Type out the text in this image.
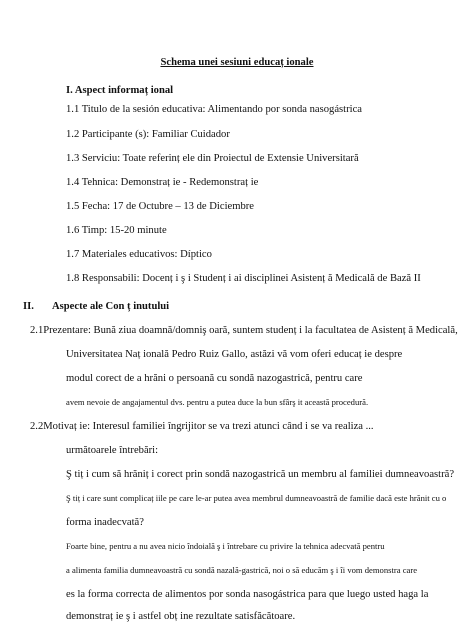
Schema unei sesiuni educaț ionale
I. Aspect informaț ional
1.1 Titulo de la sesión educativa: Alimentando por sonda nasogástrica
1.2 Participante (s): Familiar Cuidador
1.3 Serviciu: Toate referinț ele din Proiectul de Extensie Universitară
1.4 Tehnica: Demonstraț ie - Redemonstraț ie
1.5 Fecha: 17 de Octubre – 13 de Diciembre
1.6 Timp: 15-20 minute
1.7 Materiales educativos: Díptico
1.8 Responsabili: Docenț i ş i Studenț i ai disciplinei Asistenț ă Medicală de Bază II
II. Aspecte ale Con ț inutului
2.1Prezentare: Bună ziua doamnă/domniş oară, suntem studenț i la facultatea de Asistenț ă Medicală,
Universitatea Naț ională Pedro Ruiz Gallo, astăzi vă vom oferi educaț ie despre
modul corect de a hrăni o persoană cu sondă nazogastrică, pentru care
avem nevoie de angajamentul dvs. pentru a putea duce la bun sfârş it această procedură.
2.2Motivaț ie: Interesul familiei îngrijitor se va trezi atunci când i se va realiza ...
următoarele întrebări:
Ş tiț i cum să hrăniț i corect prin sondă nazogastrică un membru al familiei dumneavoastră?
Ş tiț i care sunt complicaț iile pe care le-ar putea avea membrul dumneavoastră de familie dacă este hrănit cu o
forma inadecvată?
Foarte bine, pentru a nu avea nicio îndoială ş i întrebare cu privire la tehnica adecvată pentru
a alimenta familia dumneavoastră cu sondă nazală-gastrică, noi o să educăm ş i îi vom demonstra care
es la forma correcta de alimentos por sonda nasogástrica para que luego usted haga la
demonstraț ie ş i astfel obț ine rezultate satisfăcătoare.
